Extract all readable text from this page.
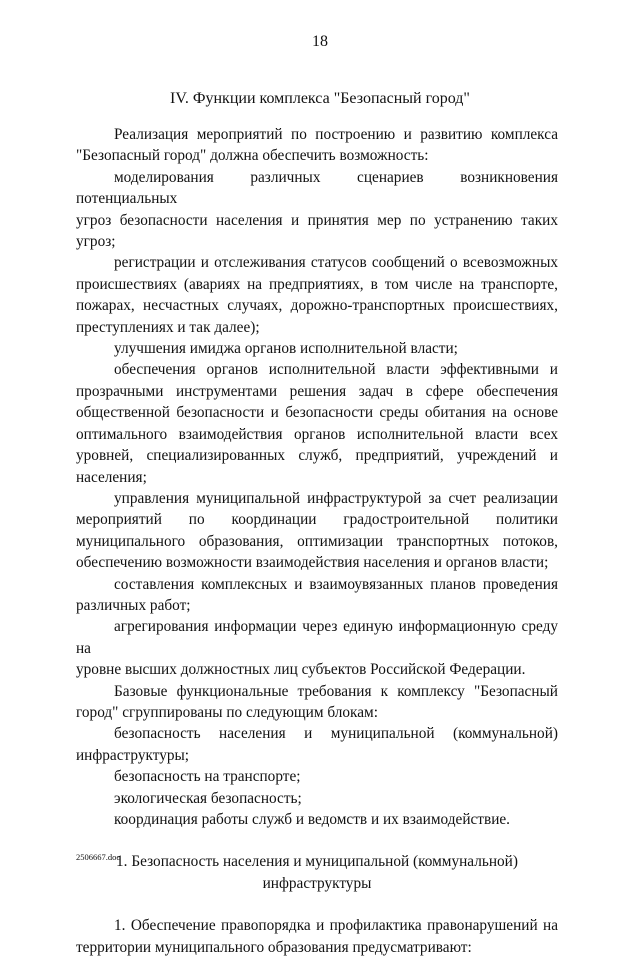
18
IV. Функции комплекса "Безопасный город"
Реализация мероприятий по построению и развитию комплекса
"Безопасный город" должна обеспечить возможность:
моделирования различных сценариев возникновения потенциальных
угроз безопасности населения и принятия мер по устранению таких угроз;
регистрации и отслеживания статусов сообщений о всевозможных
происшествиях (авариях на предприятиях, в том числе на транспорте,
пожарах, несчастных случаях, дорожно-транспортных происшествиях,
преступлениях и так далее);
улучшения имиджа органов исполнительной власти;
обеспечения органов исполнительной власти эффективными и
прозрачными инструментами решения задач в сфере обеспечения
общественной безопасности и безопасности среды обитания на основе
оптимального взаимодействия органов исполнительной власти всех
уровней, специализированных служб, предприятий, учреждений и
населения;
управления муниципальной инфраструктурой за счет реализации
мероприятий по координации градостроительной политики
муниципального образования, оптимизации транспортных потоков,
обеспечению возможности взаимодействия населения и органов власти;
составления комплексных и взаимоувязанных планов проведения
различных работ;
агрегирования информации через единую информационную среду на
уровне высших должностных лиц субъектов Российской Федерации.
Базовые функциональные требования к комплексу "Безопасный
город" сгруппированы по следующим блокам:
безопасность населения и муниципальной (коммунальной)
инфраструктуры;
безопасность на транспорте;
экологическая безопасность;
координация работы служб и ведомств и их взаимодействие.
1. Безопасность населения и муниципальной (коммунальной)
инфраструктуры
1. Обеспечение правопорядка и профилактика правонарушений на
территории муниципального образования предусматривают:
2506667.doc
